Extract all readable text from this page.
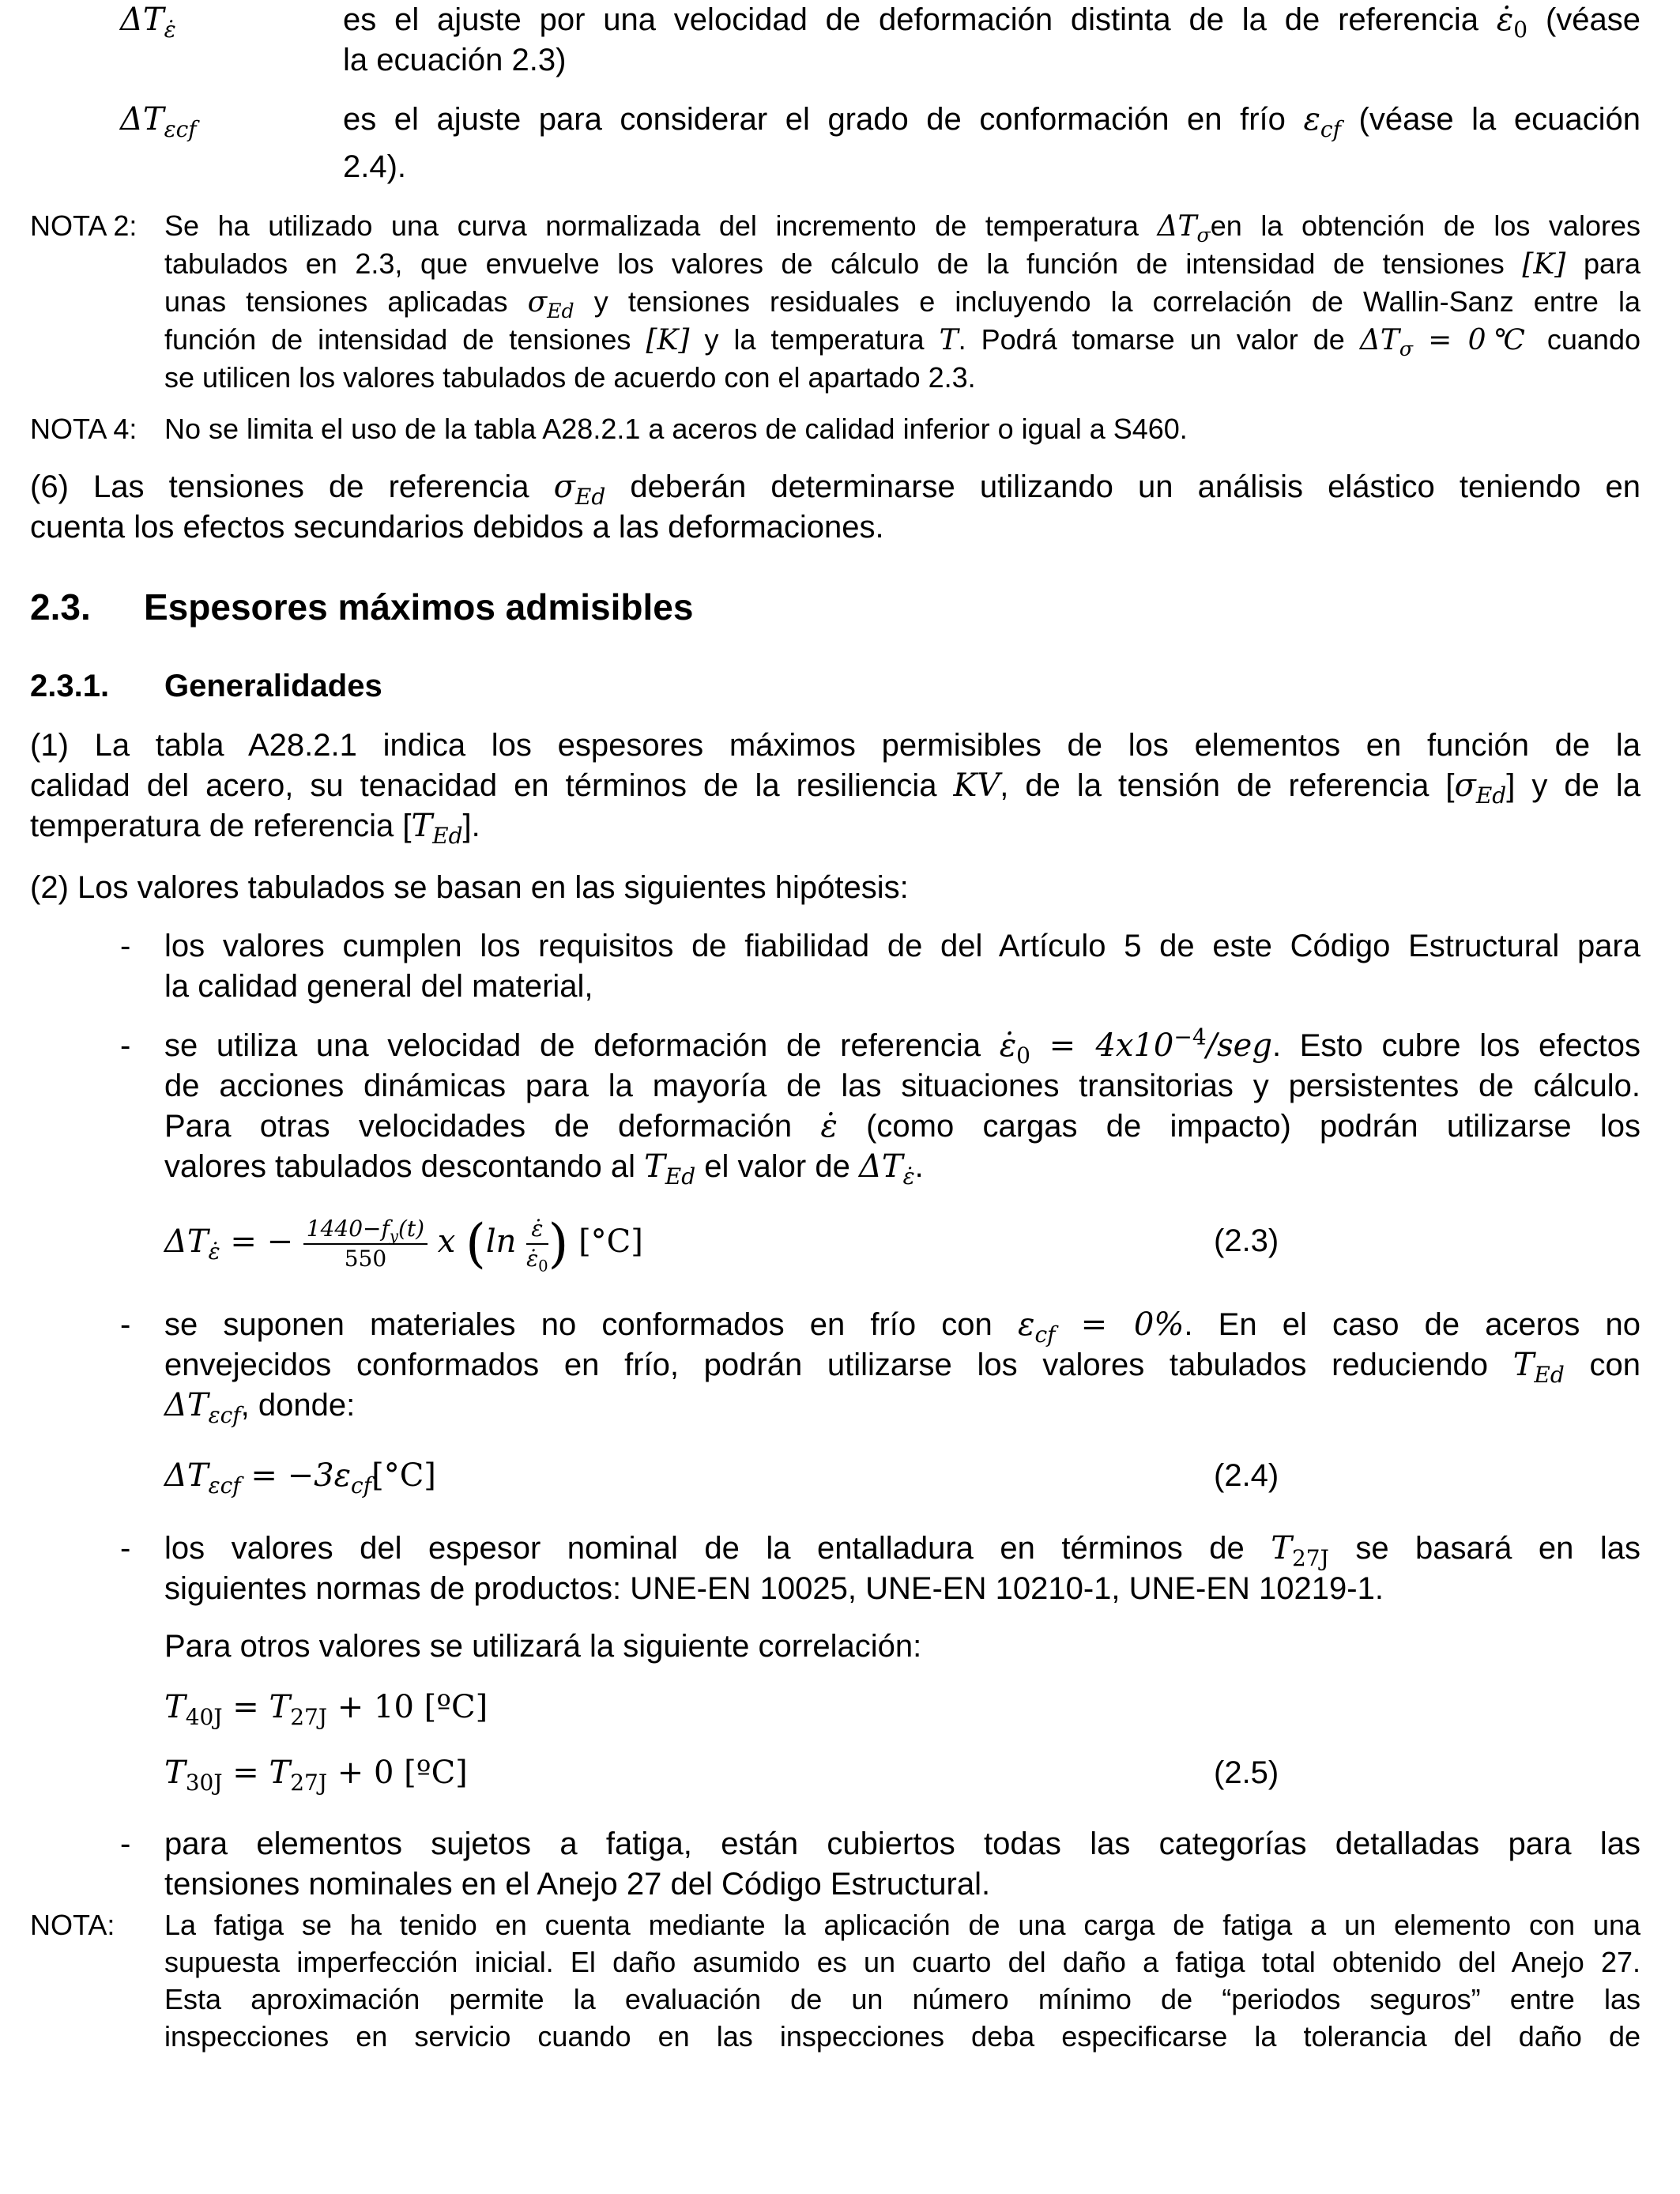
$\Delta T_{\varepsiloṅ}$	es el ajuste por una velocidad de deformación distinta de la de referencia $\varepsiloṅ_0$ (véase
la ecuación 2.3)
$\Delta T_{\varepsilon cf}$	es el ajuste para considerar el grado de conformación en frío $\varepsilon_{cf}$ (véase la ecuación
2.4).
NOTA 2: Se ha utilizado una curva normalizada del incremento de temperatura $\Delta T_\sigma en$ la obtención de los valores
tabulados en 2.3, que envuelve los valores de cálculo de la función de intensidad de tensiones [K] para
unas tensiones aplicadas $\sigma_{Ed}$ y tensiones residuales e incluyendo la correlación de Wallin-Sanz entre la
función de intensidad de tensiones [K] y la temperatura T. Podrá tomarse un valor de $\Delta T_\sigma$ = 0℃ cuando
se utilicen los valores tabulados de acuerdo con el apartado 2.3.
NOTA 4: No se limita el uso de la tabla A28.2.1 a aceros de calidad inferior o igual a S460.
(6) Las tensiones de referencia $\sigma_{Ed}$ deberán determinarse utilizando un análisis elástico teniendo en
cuenta los efectos secundarios debidos a las deformaciones.
2.3. Espesores máximos admisibles
2.3.1. Generalidades
(1) La tabla A28.2.1 indica los espesores máximos permisibles de los elementos en función de la
calidad del acero, su tenacidad en términos de la resiliencia KV, de la tensión de referencia $[\sigma_{Ed}]$ y de la
temperatura de referencia $[T_{Ed}]$.
(2) Los valores tabulados se basan en las siguientes hipótesis:
- los valores cumplen los requisitos de fiabilidad de del Artículo 5 de este Código Estructural para
la calidad general del material,
- se utiliza una velocidad de deformación de referencia $\varepsiloṅ_0 = 4x10^{-4}/seg$. Esto cubre los efectos
de acciones dinámicas para la mayoría de las situaciones transitorias y persistentes de cálculo.
Para otras velocidades de deformación ε̇ (como cargas de impacto) podrán utilizarse los
valores tabulados descontando al $T_{Ed}$ el valor de $\Delta T_{\varepsiloṅ}$.
$\Delta T_{\varepsiloṅ}$ = − $\frac{1440-f_y(t)}{550}$ x ($\ln \frac{\varepsiloṅ}{\varepsiloṅ_0}$ ) [°C]	(2.3)
- se suponen materiales no conformados en frío con $\varepsilon_{cf} = 0\%$. En el caso de aceros no
envejecidos conformados en frío, podrán utilizarse los valores tabulados reduciendo $T_{Ed}$ con
$\Delta T_{\varepsilon cf}$, donde:
$\Delta T_{\varepsilon cf} = -3\varepsilon_{cf}[^\circ C]$	(2.4)
- los valores del espesor nominal de la entalladura en términos de $T_{27J}$ se basará en las
siguientes normas de productos: UNE-EN 10025, UNE-EN 10210-1, UNE-EN 10219-1.
Para otros valores se utilizará la siguiente correlación:
$T_{40J} = T_{27J} + 10$ [ºC]
$T_{30J} = T_{27J} + 0$ [ºC]	(2.5)
- para elementos sujetos a fatiga, están cubiertos todas las categorías detalladas para las
tensiones nominales en el Anejo 27 del Código Estructural.
NOTA: La fatiga se ha tenido en cuenta mediante la aplicación de una carga de fatiga a un elemento con una
supuesta imperfección inicial. El daño asumido es un cuarto del daño a fatiga total obtenido del Anejo 27.
Esta aproximación permite la evaluación de un número mínimo de “periodos seguros” entre las
inspecciones en servicio cuando en las inspecciones deba especificarse la tolerancia del daño de
